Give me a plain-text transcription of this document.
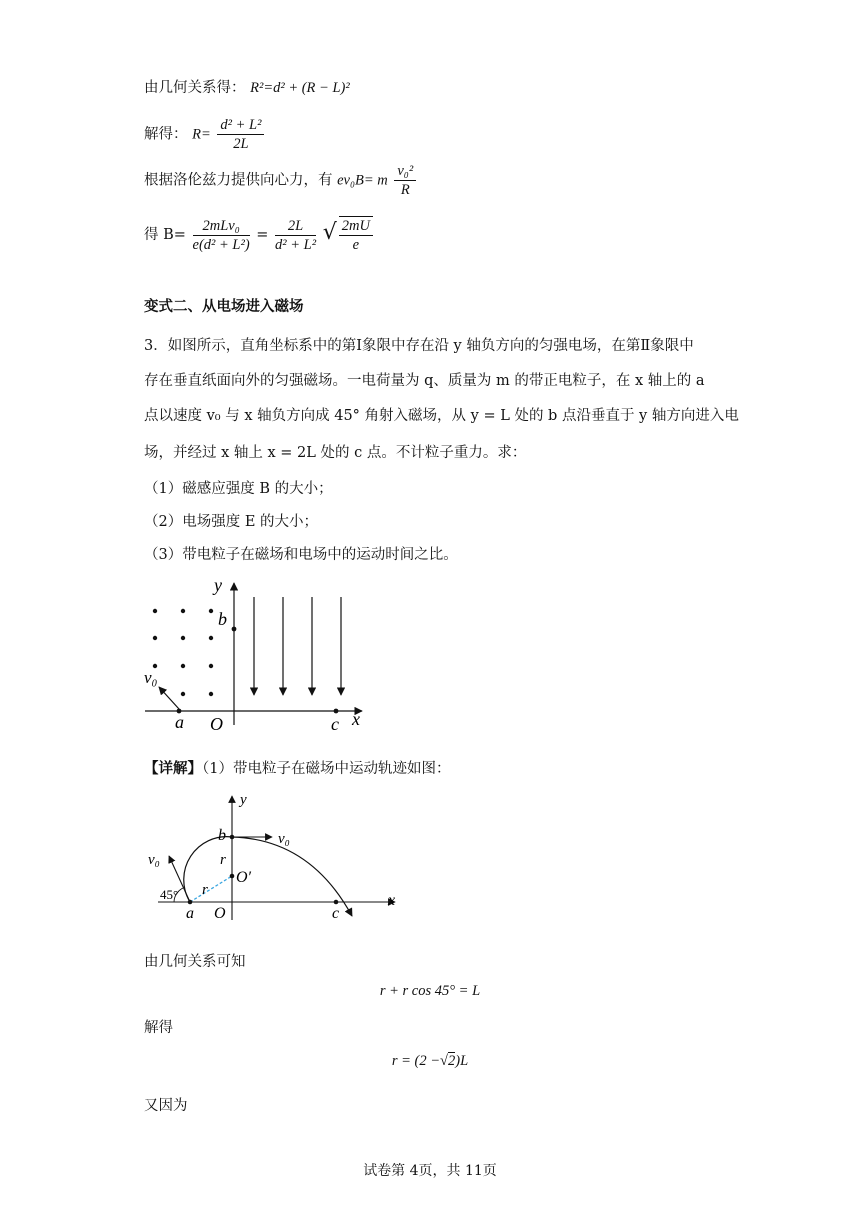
由几何关系得： R²=d² + (R − L)²
解得： $R= \frac{\text{d² + L²}}{2L}$
根据洛伦兹力提供向心力，有 ev₀B= m $\frac{\text{v₀²}}{R}$
得 $B= \frac{\text{2mLv₀}}{\text{e(d² + L²)}} = \frac{2L}{\text{d² + L²}}$ √ $\frac{2mU}{e}$
变式二、从电场进入磁场
3．如图所示，直角坐标系中的第Ⅰ象限中存在沿 y 轴负方向的匀强电场，在第Ⅱ象限中
存在垂直纸面向外的匀强磁场。一电荷量为 q、质量为 m 的带正电粒子，在 x 轴上的 a
点以速度 v₀ 与 x 轴负方向成 45° 角射入磁场，从 y = L 处的 b 点沿垂直于 y 轴方向进入电
场，并经过 x 轴上 x = 2L 处的 c 点。不计粒子重力。求：
（1）磁感应强度 B 的大小；
（2）电场强度 E 的大小；
（3）带电粒子在磁场和电场中的运动时间之比。
y
x
O
a
b
c
v₀
【详解】（1）带电粒子在磁场中运动轨迹如图：
y
x
O
O′
a
b
c
v₀
v₀
r
r
45°
由几何关系可知
r + r cos 45° = L
解得
r = (2 −√2)L
又因为
试卷第 4页，共 11页
